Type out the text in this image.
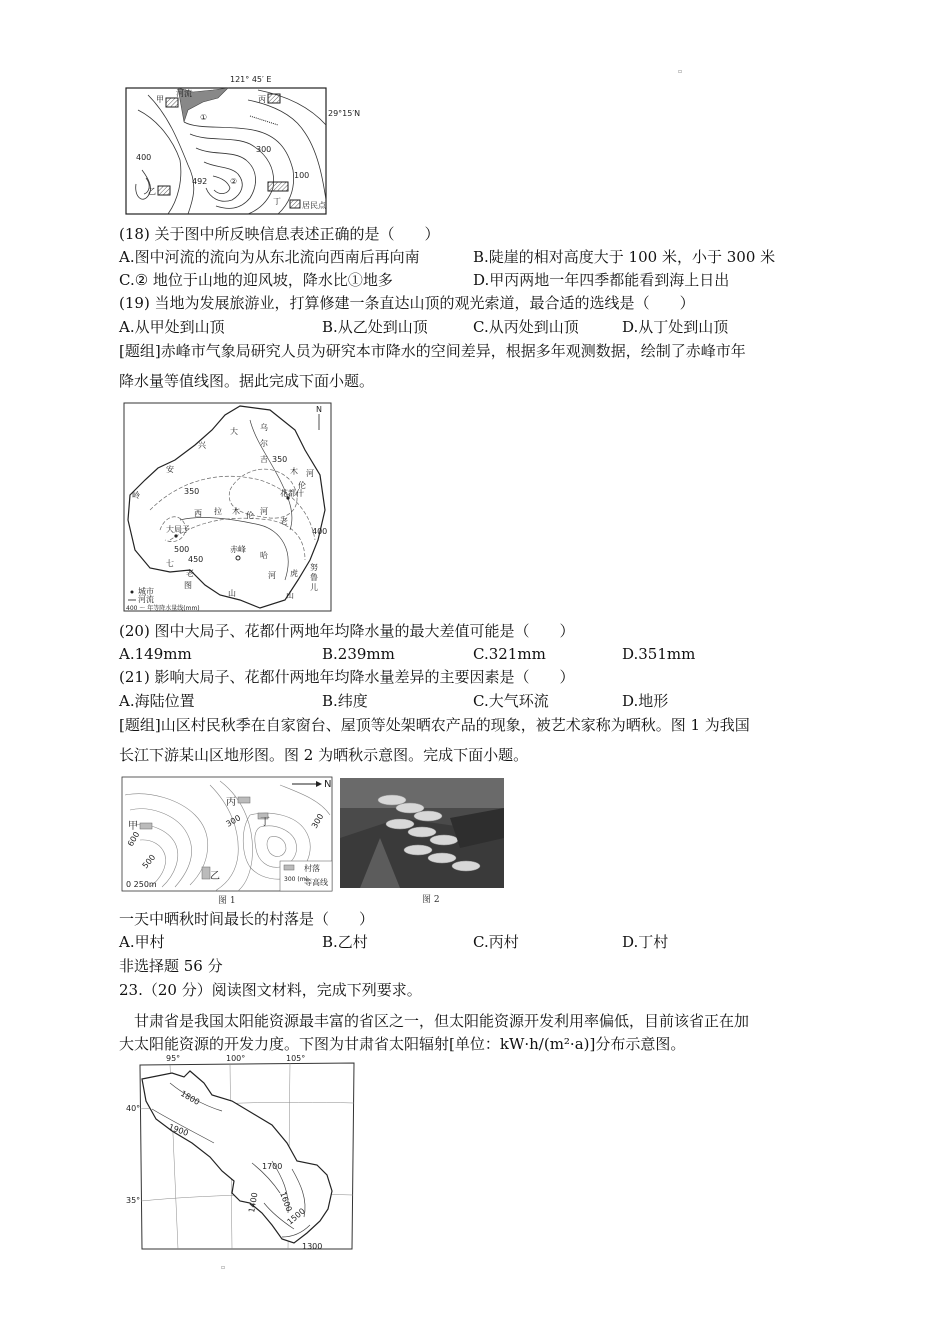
121° 45′ E
甲
河流
丙
①
300
400
492	②
乙
100
丁	居民点
29°15′N
▫
(18) 关于图中所反映信息表述正确的是（　　）
A.图中河流的流向为从东北流向西南后再向南	B.陡崖的相对高度大于 100 米，小于 300 米
C.② 地位于山地的迎风坡，降水比①地多	D.甲丙两地一年四季都能看到海上日出
(19) 当地为发展旅游业，打算修建一条直达山顶的观光索道，最合适的选线是（　　）
A.从甲处到山顶	B.从乙处到山顶	C.从丙处到山顶	D.从丁处到山顶
[题组]赤峰市气象局研究人员为研究本市降水的空间差异，根据多年观测数据，绘制了赤峰市年
降水量等值线图。据此完成下面小题。
大
兴
安
岭
乌
尔
吉
木
伦
河
350
350
花都什
西 拉 木 伦 河
老
400
大局子
500
450
七
老
图
山
赤峰
哈
河
努
鲁
儿
虎
山
N
城市
河流
400 ～ 年等降水量线(mm)
(20) 图中大局子、花都什两地年均降水量的最大差值可能是（　　）
A.149mm	B.239mm	C.321mm	D.351mm
(21) 影响大局子、花都什两地年均降水量差异的主要因素是（　　）
A.海陆位置	B.纬度	C.大气环流	D.地形
[题组]山区村民秋季在自家窗台、屋顶等处架晒农产品的现象，被艺术家称为晒秋。图 1 为我国
长江下游某山区地形图。图 2 为晒秋示意图。完成下面小题。
甲
丙
丁
乙
300	300
600
500
N
0 250m
村落
300 (m)
等高线
图 1	图 2
一天中晒秋时间最长的村落是（　　）
A.甲村	B.乙村	C.丙村	D.丁村
非选择题 56 分
23.（20 分）阅读图文材料，完成下列要求。
甘肃省是我国太阳能资源最丰富的省区之一，但太阳能资源开发利用率偏低，目前该省正在加
大太阳能资源的开发力度。下图为甘肃省太阳辐射[单位：kW·h/(m²·a)]分布示意图。
95°	100°	105°
40°
35°
1800
1900
1700
1600
1500
1400
1300
▫
